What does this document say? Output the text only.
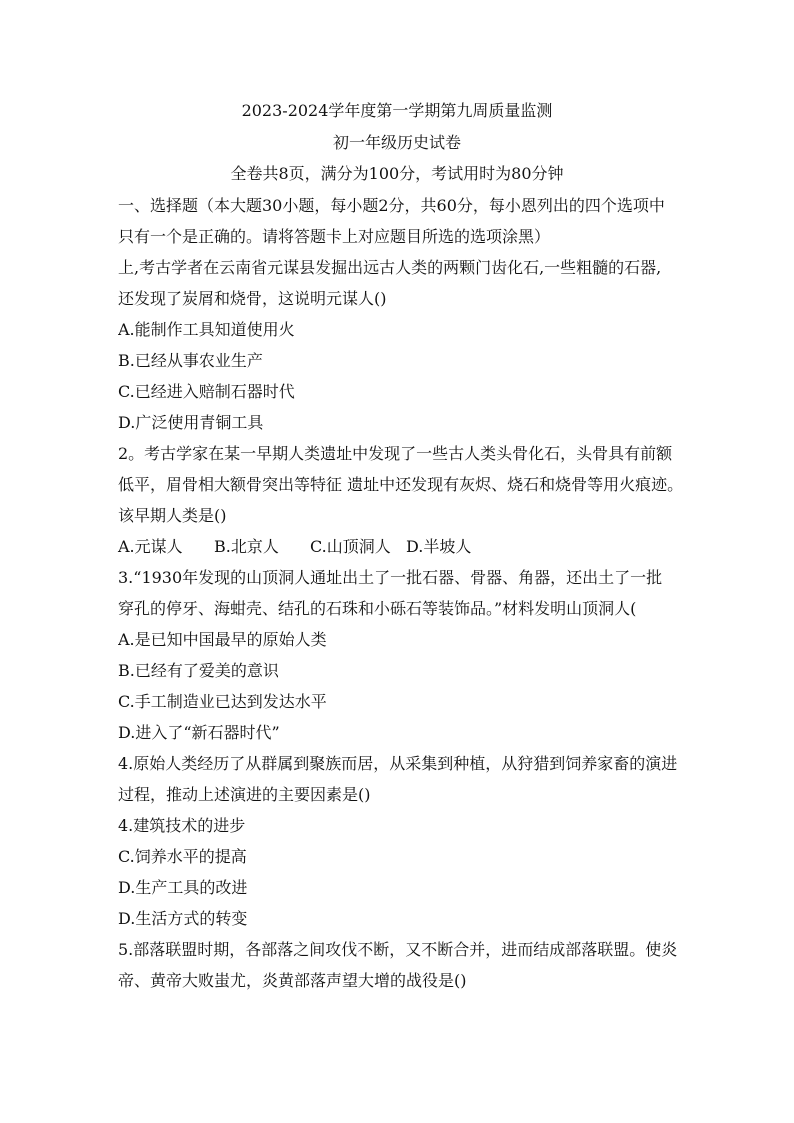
2023-2024学年度第一学期第九周质量监测
初一年级历史试卷
全卷共8页，满分为100分，考试用时为80分钟
一、选择题（本大题30小题，每小题2分，共60分，每小恩列出的四个选项中
只有一个是正确的。请将答题卡上对应题目所选的选项涂黑）
上,考古学者在云南省元谋县发掘出远古人类的两颗门齿化石,一些粗髓的石器,
还发现了炭屑和烧骨，这说明元谋人()
A.能制作工具知道使用火
B.已经从事农业生产
C.已经进入赔制石器时代
D.广泛使用青铜工具
2。考古学家在某一早期人类遗址中发现了一些古人类头骨化石，头骨具有前额
低平，眉骨相大额骨突出等特征 遗址中还发现有灰烬、烧石和烧骨等用火痕迹。
该早期人类是()
A.元谋人	B.北京人	C.山顶洞人 D.半坡人
3.“1930年发现的山顶洞人通址出土了一批石器、骨器、角器，还出土了一批
穿孔的停牙、海蚶壳、结孔的石珠和小砾石等装饰品。”材料发明山顶洞人(
A.是已知中国最早的原始人类
B.已经有了爱美的意识
C.手工制造业已达到发达水平
D.进入了“新石器时代”
4.原始人类经历了从群属到聚族而居，从采集到种植，从狩猎到饲养家畜的演进
过程，推动上述演进的主要因素是()
4.建筑技术的进步
C.饲养水平的提高
D.生产工具的改进
D.生活方式的转变
5.部落联盟时期，各部落之间攻伐不断，又不断合并，进而结成部落联盟。使炎
帝、黄帝大败蚩尤，炎黄部落声望大增的战役是()
